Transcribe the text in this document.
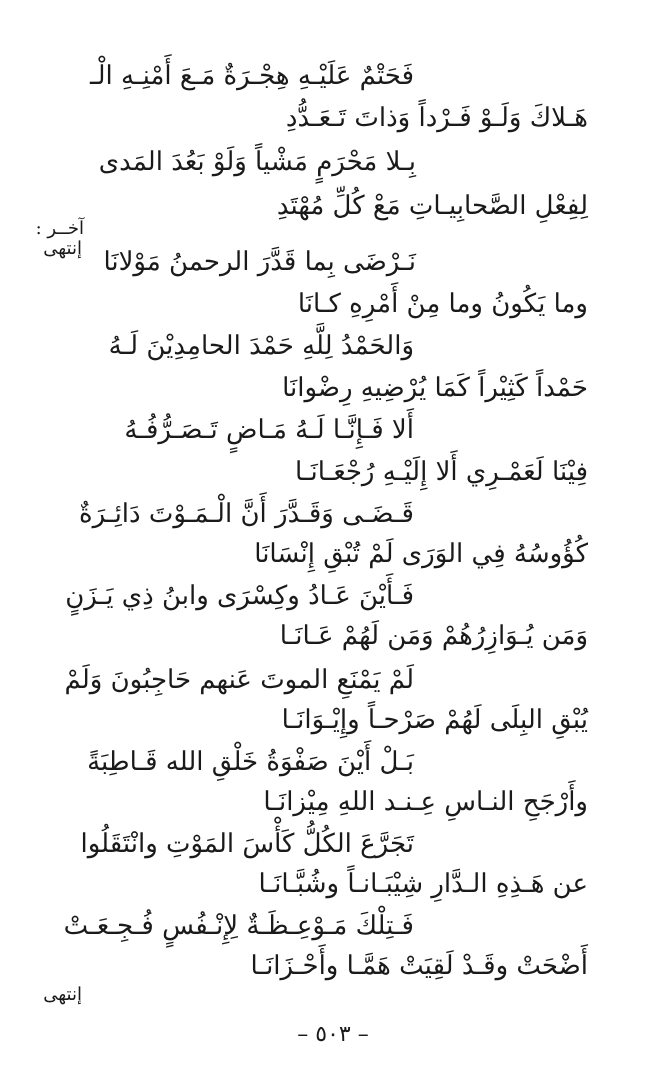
فَحَتْمٌ عَلَيْـهِ هِجْـرَةٌ مَـعَ أَمْنِـهِ الْـ
هَـلاكَ وَلَـوْ فَـرْداً وَذاتَ تَـعَـدُّدِ
بِـلا مَحْرَمٍ مَشْياً وَلَوْ بَعُدَ المَدى
لِفِعْلِ الصَّحابِيـاتِ مَعْ كُلِّ مُهْتَدِ
آخــر :
إنتهى نَـرْضَى بِما قَدَّرَ الرحمنُ مَوْلانَا
وما يَكُونُ وما مِنْ أَمْرِهِ كـانَا
وَالحَمْدُ لِلَّهِ حَمْدَ الحامِدِيْنَ لَـهُ
حَمْداً كَثِيْراً كَمَا يُرْضِيهِ رِضْوانَا
أَلا فَـإِنَّـا لَـهُ مَـاضٍ تَـصَـرُّفُـهُ
فِيْنَا لَعَمْـرِي أَلا إِلَيْـهِ رُجْعَـانَـا
قَـضَـى وَقَـدَّرَ أَنَّ الْـمَـوْتَ دَائِـرَةٌ
كُؤُوسُهُ فِي الوَرَى لَمْ تُبْقِ إِنْسَانَا
فَـأَيْنَ عَـادُ وكِسْرَى وابنُ ذِي يَـزَنٍ
وَمَن يُـوَازِرُهُمْ وَمَن لَهُمْ عَـانَـا
لَمْ يَمْنَعِ الموتَ عَنهم حَاجِبُونَ وَلَمْ
يُبْقِ البِلَى لَهُمْ صَرْحـاً وإِيْـوَانَـا
بَـلْ أَيْنَ صَفْوَةُ خَلْقِ الله قَـاطِبَةً
وأَرْجَحِ النـاسِ عِـنـد اللهِ مِيْزانَـا
تَجَرَّعَ الكُلُّ كَأْسَ المَوْتِ وانْتَقَلُوا
عن هَـذِهِ الـدَّارِ شِيْبَـانـاً وشُبَّـانَـا
فَـتِلْكَ مَـوْعِـظَـةٌ لِإِنْـفُسٍ فُـجِـعَـتْ
أَضْحَتْ وقَـدْ لَقِيَتْ هَمَّـا وأَحْـزَانَـا
إنتهى
– ٥٠٣ –
